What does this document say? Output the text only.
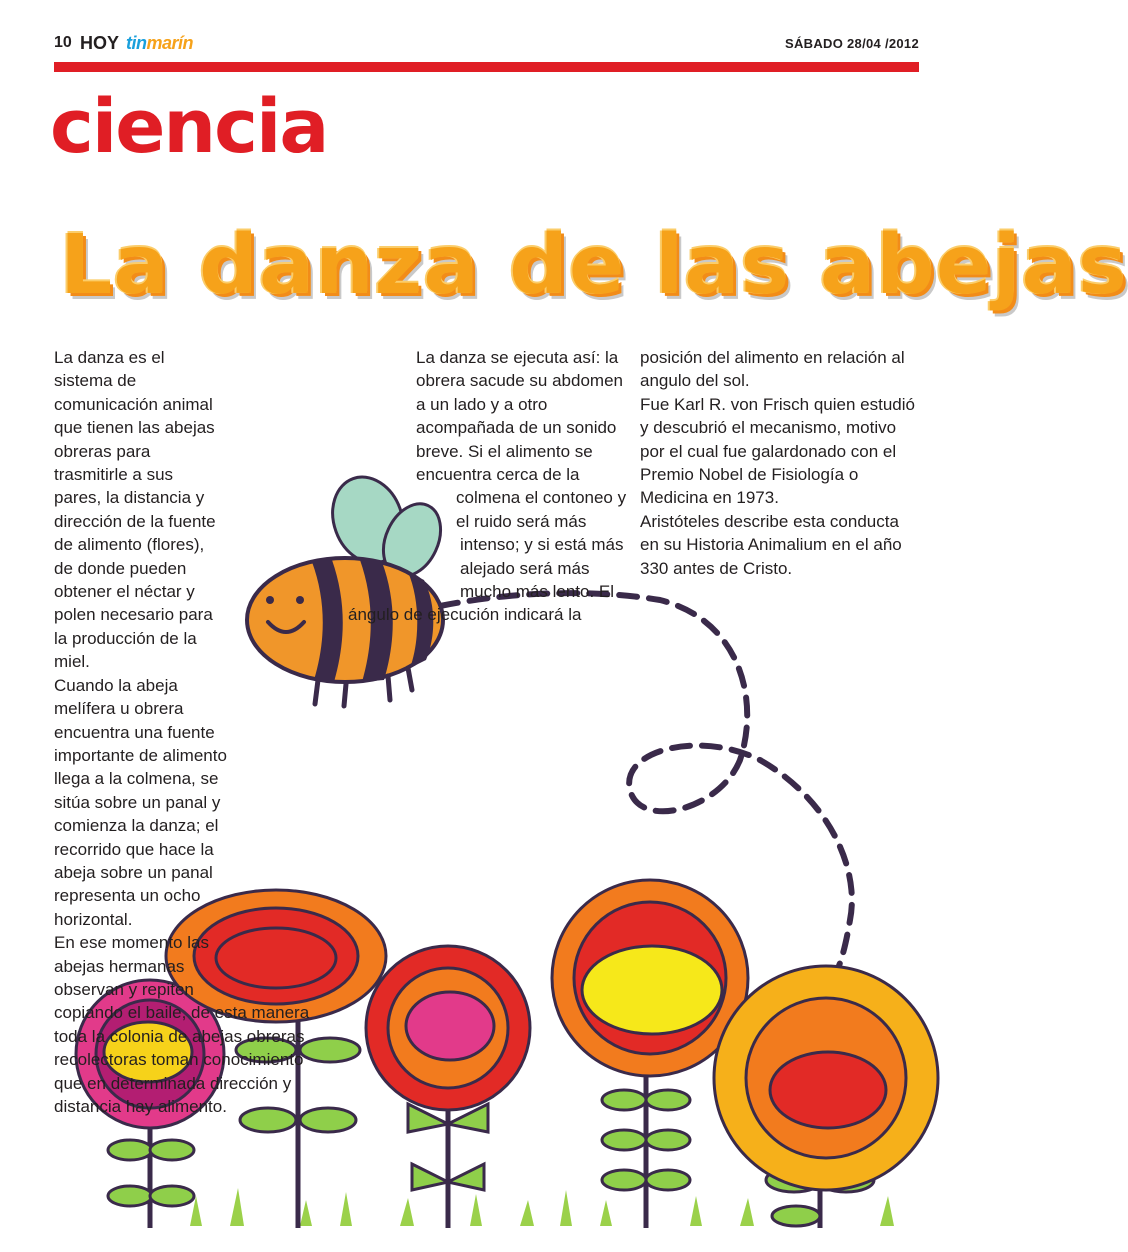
10 HOY tinmarín	SÁBADO 28/04 /2012
ciencia
La danza de las abejas

La danza es el sistema de comunicación animal que tienen las abejas obreras para trasmitirle a sus pares, la distancia y dirección de la fuente de alimento (flores), de donde pueden obtener el néctar y polen necesario para la producción de la miel.

Cuando la abeja melífera u obrera encuentra una fuente importante de alimento llega a la colmena, se sitúa sobre un panal y comienza la danza; el recorrido que hace la abeja sobre un panal representa un ocho horizontal.

En ese momento las abejas hermanas observan y repiten copiando el baile, de esta manera toda la colonia de abejas obreras recolectoras toman conocimiento que en determinada dirección y distancia hay alimento.

La danza se ejecuta así: la obrera sacude su abdomen a un lado y a otro acompañada de un sonido breve. Si el alimento se encuentra cerca de la colmena el contoneo y el ruido será más intenso; y si está más alejado será más mucho más lento. El ángulo de ejecución indicará la

posición del alimento en relación al angulo del sol.

Fue Karl R. von Frisch quien estudió y descubrió el mecanismo, motivo por el cual fue galardonado con el Premio Nobel de Fisiología o Medicina en 1973.

Aristóteles describe esta conducta en su Historia Animalium en el año 330 antes de Cristo.
